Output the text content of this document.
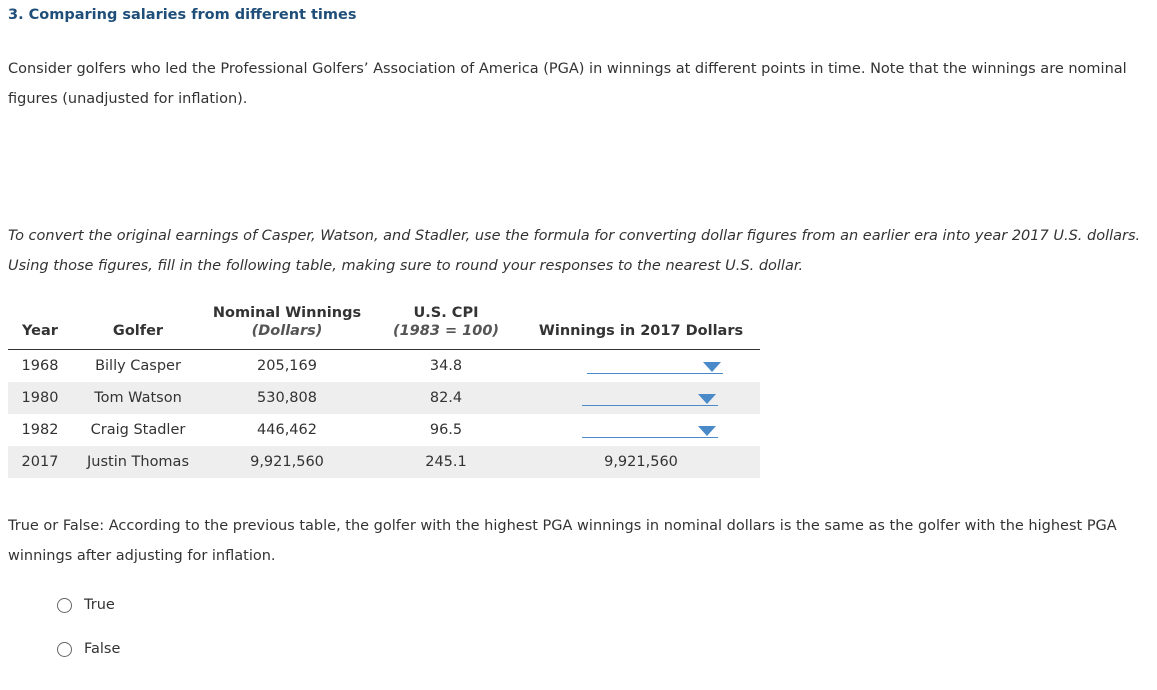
3. Comparing salaries from different times
Consider golfers who led the Professional Golfers’ Association of America (PGA) in winnings at different points in time. Note that the winnings are nominal figures (unadjusted for inflation).
To convert the original earnings of Casper, Watson, and Stadler, use the formula for converting dollar figures from an earlier era into year 2017 U.S. dollars. Using those figures, fill in the following table, making sure to round your responses to the nearest U.S. dollar.
		Nominal Winnings	U.S. CPI	
Year	Golfer	(Dollars)	(1983 = 100)	Winnings in 2017 Dollars
1968	Billy Casper	205,169	34.8	

1980	Tom Watson	530,808	82.4	

1982	Craig Stadler	446,462	96.5	

2017	Justin Thomas	9,921,560	245.1	9,921,560
True or False: According to the previous table, the golfer with the highest PGA winnings in nominal dollars is the same as the golfer with the highest PGA winnings after adjusting for inflation.
True
False
